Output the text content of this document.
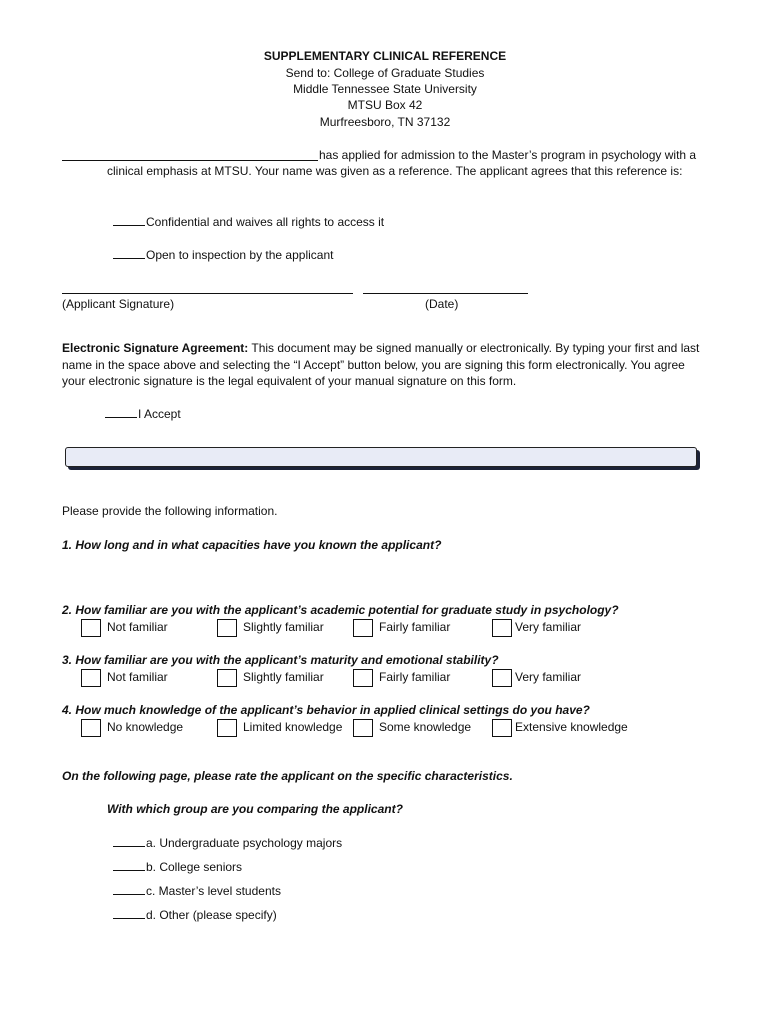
SUPPLEMENTARY CLINICAL REFERENCE
Send to: College of Graduate Studies
Middle Tennessee State University
MTSU Box 42
Murfreesboro, TN 37132
has applied for admission to the Master’s program in psychology with a
clinical emphasis at MTSU. Your name was given as a reference. The applicant agrees that this reference is:
Confidential and waives all rights to access it
Open to inspection by the applicant
(Applicant Signature)	(Date)

Electronic Signature Agreement: This document may be signed manually or electronically. By typing your first and last
name in the space above and selecting the “I Accept” button below, you are signing this form electronically. You agree
your electronic signature is the legal equivalent of your manual signature on this form.

I Accept
Please provide the following information.
1. How long and in what capacities have you known the applicant?
2. How familiar are you with the applicant’s academic potential for graduate study in psychology?
Not familiar	Slightly familiar	Fairly familiar	Very familiar
3. How familiar are you with the applicant’s maturity and emotional stability?
Not familiar	Slightly familiar	Fairly familiar	Very familiar
4. How much knowledge of the applicant’s behavior in applied clinical settings do you have?
No knowledge	Limited knowledge	Some knowledge	Extensive knowledge
On the following page, please rate the applicant on the specific characteristics.
With which group are you comparing the applicant?
a. Undergraduate psychology majors
b. College seniors
c. Master’s level students
d. Other (please specify)
